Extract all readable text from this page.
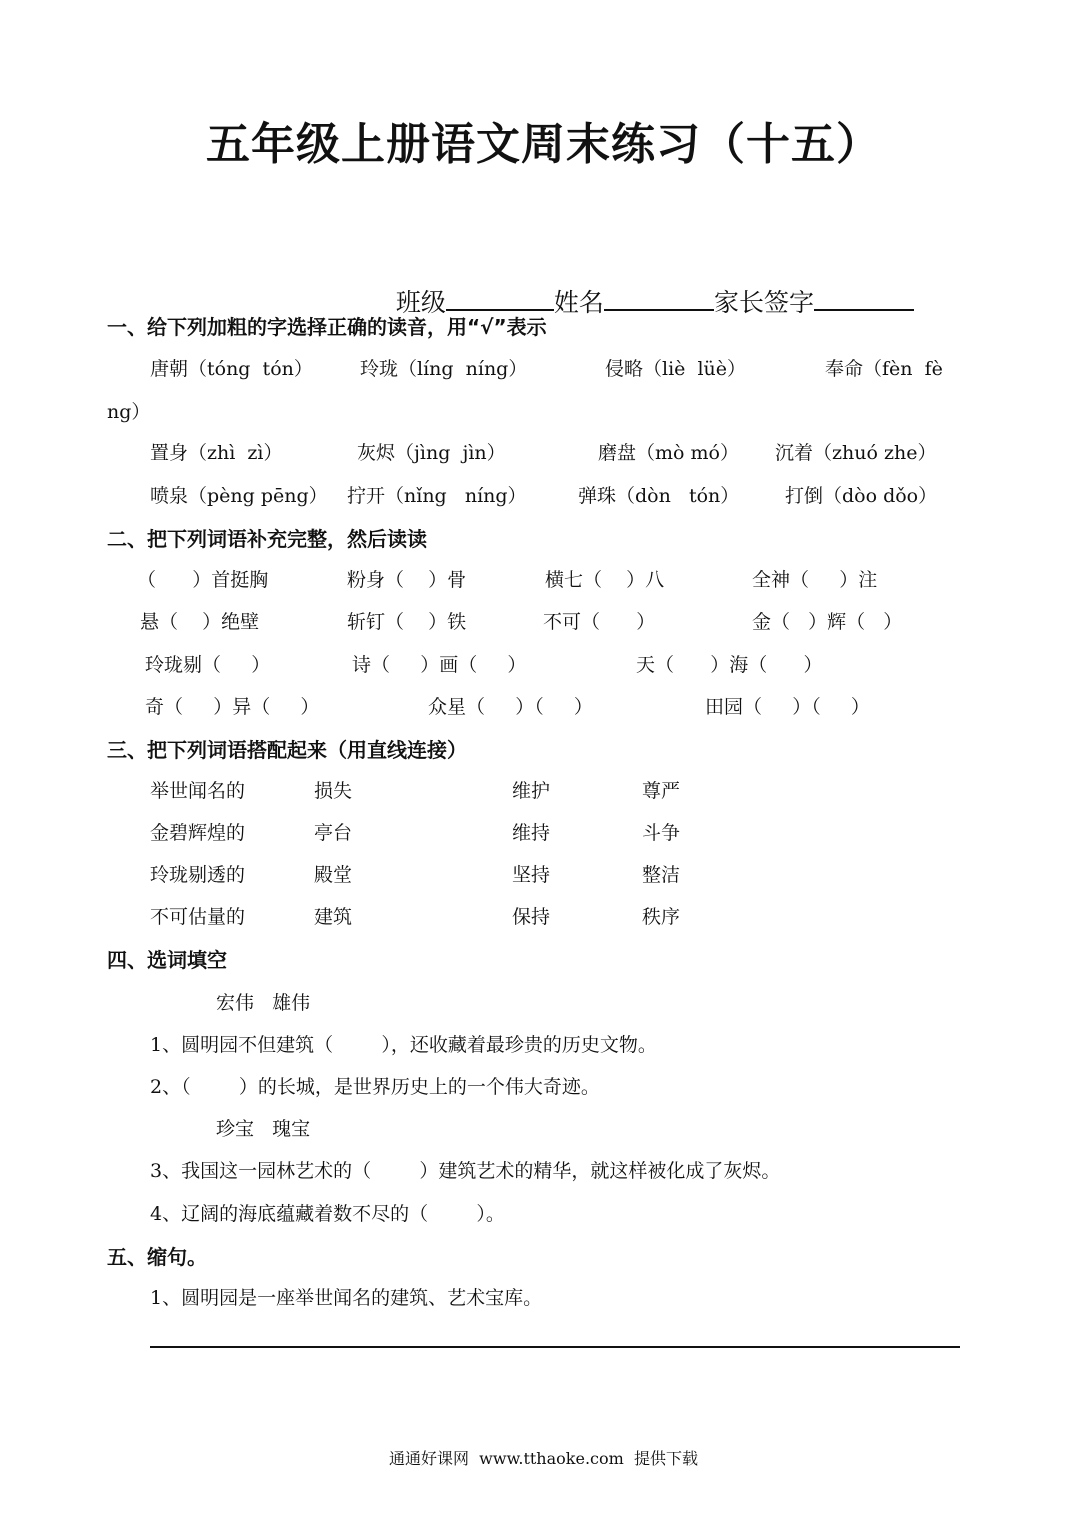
五年级上册语文周末练习（十五）

班级	姓名	家长签字

一、给下列加粗的字选择正确的读音，用“√”表示
唐朝（tóng  tón） 玲珑（líng  níng）	侵略（liè  lüè）	奉命（fèn  fè
ng）
置身（zhì  zì）	灰烬（jìng  jìn）	磨盘（mò mó） 沉着（zhuó zhe）
喷泉（pèng pēng） 拧开（nǐng   níng）	弹珠（dòn   tón） 打倒（dòo dǒo）
二、把下列词语补充完整，然后读读
（      ）首挺胸	粉身（    ）骨	横七（    ）八	全神（     ）注
悬（    ）绝壁	斩钉（    ）铁	不可（      ）	金（   ）辉（   ）
玲珑剔（     ）	诗（     ）画（     ）	天（      ）海（      ）
奇（     ）异（     ）	众星（     ）（     ）	田园（     ）（     ）
三、把下列词语搭配起来（用直线连接）
举世闻名的	损失	维护	尊严
金碧辉煌的	亭台	维持	斗争
玲珑剔透的	殿堂	坚持	整洁
不可估量的	建筑	保持	秩序
四、选词填空
宏伟   雄伟
1、圆明园不但建筑（        ），还收藏着最珍贵的历史文物。
2、（        ）的长城，是世界历史上的一个伟大奇迹。
珍宝   瑰宝
3、我国这一园林艺术的（        ）建筑艺术的精华，就这样被化成了灰烬。
4、辽阔的海底蕴藏着数不尽的（        ）。
五、缩句。
1、圆明园是一座举世闻名的建筑、艺术宝库。
通通好课网  www.tthaoke.com  提供下载
